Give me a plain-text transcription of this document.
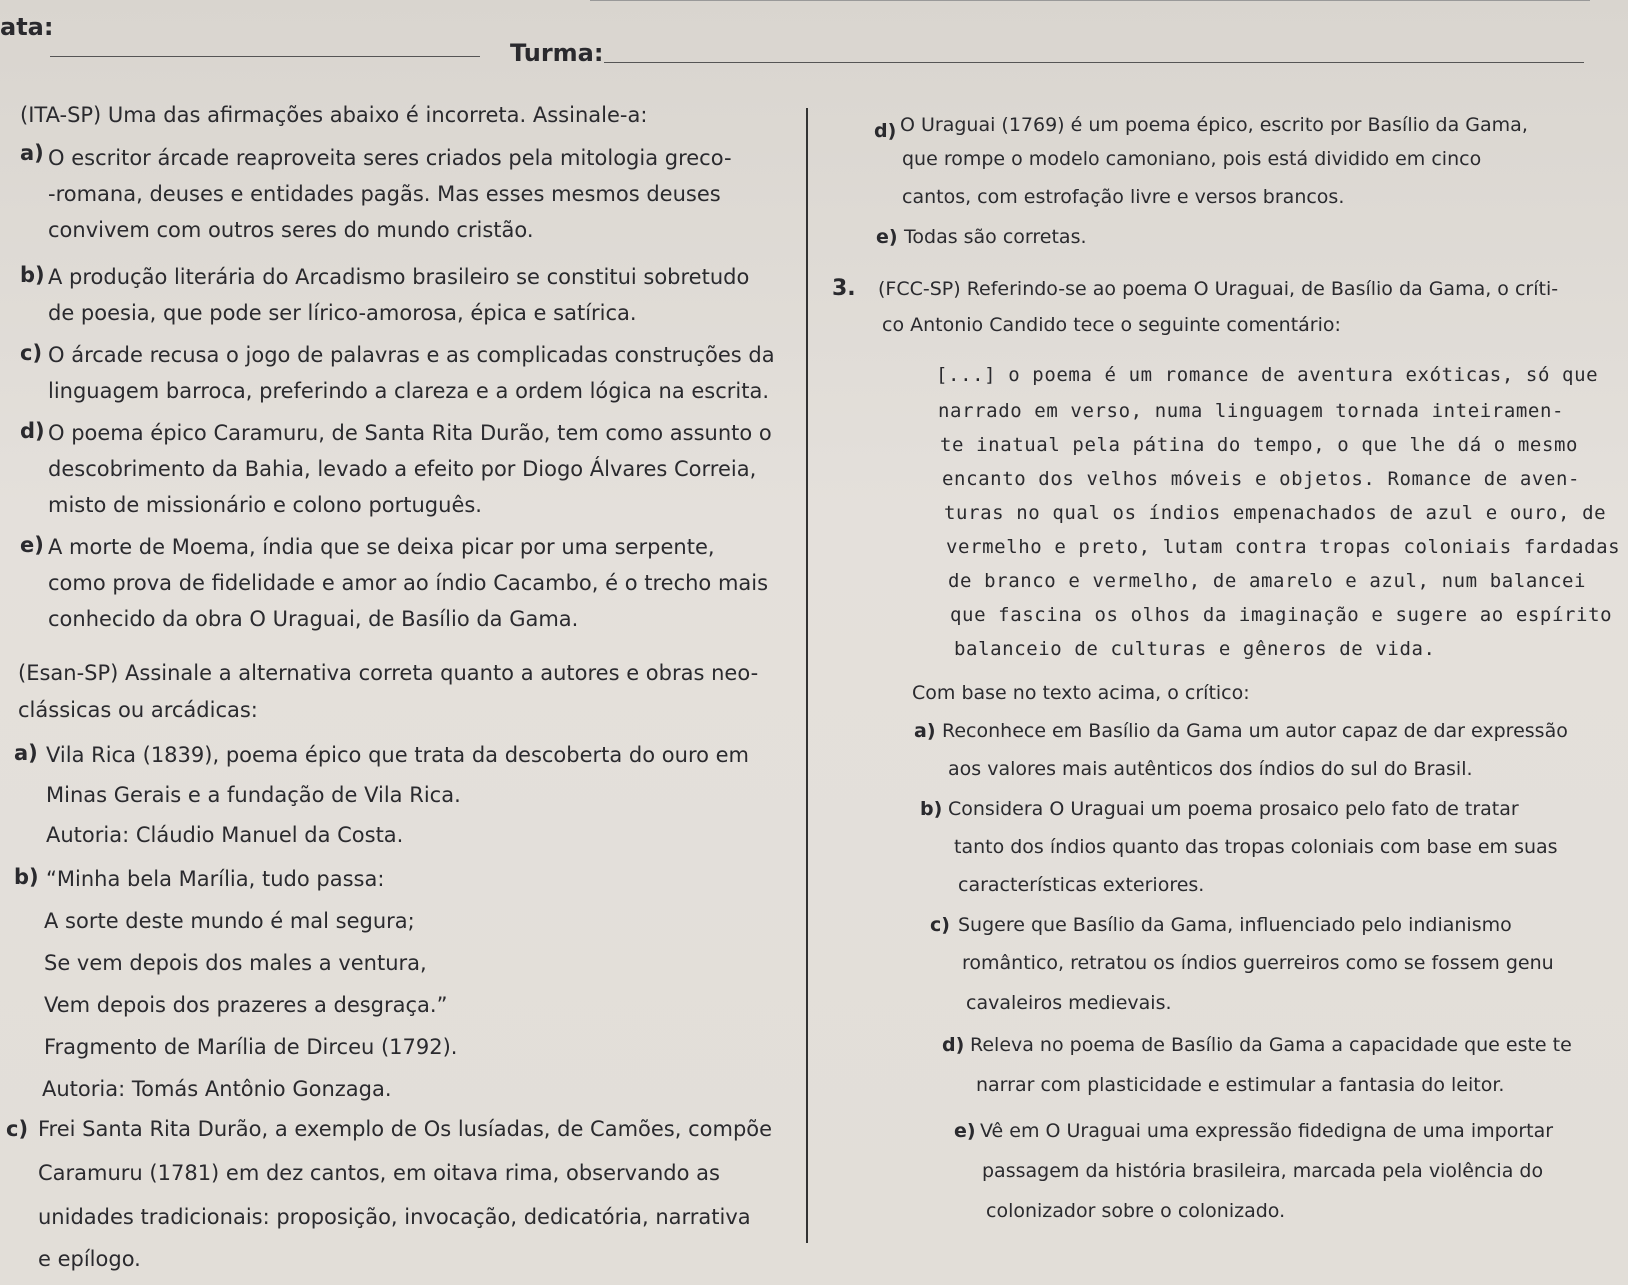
ata:
Turma:
(ITA-SP) Uma das afirmações abaixo é incorreta. Assinale-a:
a) O escritor árcade reaproveita seres criados pela mitologia greco-
-romana, deuses e entidades pagãs. Mas esses mesmos deuses
convivem com outros seres do mundo cristão.
b) A produção literária do Arcadismo brasileiro se constitui sobretudo
de poesia, que pode ser lírico-amorosa, épica e satírica.
c) O árcade recusa o jogo de palavras e as complicadas construções da
linguagem barroca, preferindo a clareza e a ordem lógica na escrita.
d) O poema épico Caramuru, de Santa Rita Durão, tem como assunto o
descobrimento da Bahia, levado a efeito por Diogo Álvares Correia,
misto de missionário e colono português.
e) A morte de Moema, índia que se deixa picar por uma serpente,
como prova de fidelidade e amor ao índio Cacambo, é o trecho mais
conhecido da obra O Uraguai, de Basílio da Gama.
(Esan-SP) Assinale a alternativa correta quanto a autores e obras neo-
clássicas ou arcádicas:
a) Vila Rica (1839), poema épico que trata da descoberta do ouro em
Minas Gerais e a fundação de Vila Rica.
Autoria: Cláudio Manuel da Costa.
b) “Minha bela Marília, tudo passa:
A sorte deste mundo é mal segura;
Se vem depois dos males a ventura,
Vem depois dos prazeres a desgraça.”
Fragmento de Marília de Dirceu (1792).
Autoria: Tomás Antônio Gonzaga.
c) Frei Santa Rita Durão, a exemplo de Os lusíadas, de Camões, compõe
Caramuru (1781) em dez cantos, em oitava rima, observando as
unidades tradicionais: proposição, invocação, dedicatória, narrativa
e epílogo.
d) O Uraguai (1769) é um poema épico, escrito por Basílio da Gama,
que rompe o modelo camoniano, pois está dividido em cinco
cantos, com estrofação livre e versos brancos.
e) Todas são corretas.
3. (FCC-SP) Referindo-se ao poema O Uraguai, de Basílio da Gama, o críti-
co Antonio Candido tece o seguinte comentário:
[...] o poema é um romance de aventura exóticas, só que
narrado em verso, numa linguagem tornada inteiramen-
te inatual pela pátina do tempo, o que lhe dá o mesmo
encanto dos velhos móveis e objetos. Romance de aven-
turas no qual os índios empenachados de azul e ouro, de
vermelho e preto, lutam contra tropas coloniais fardadas
de branco e vermelho, de amarelo e azul, num balancei
que fascina os olhos da imaginação e sugere ao espírito
balanceio de culturas e gêneros de vida.
Com base no texto acima, o crítico:
a) Reconhece em Basílio da Gama um autor capaz de dar expressão
aos valores mais autênticos dos índios do sul do Brasil.
b) Considera O Uraguai um poema prosaico pelo fato de tratar
tanto dos índios quanto das tropas coloniais com base em suas
características exteriores.
c) Sugere que Basílio da Gama, influenciado pelo indianismo
romântico, retratou os índios guerreiros como se fossem genu
cavaleiros medievais.
d) Releva no poema de Basílio da Gama a capacidade que este te
narrar com plasticidade e estimular a fantasia do leitor.
e) Vê em O Uraguai uma expressão fidedigna de uma importar
passagem da história brasileira, marcada pela violência do
colonizador sobre o colonizado.
